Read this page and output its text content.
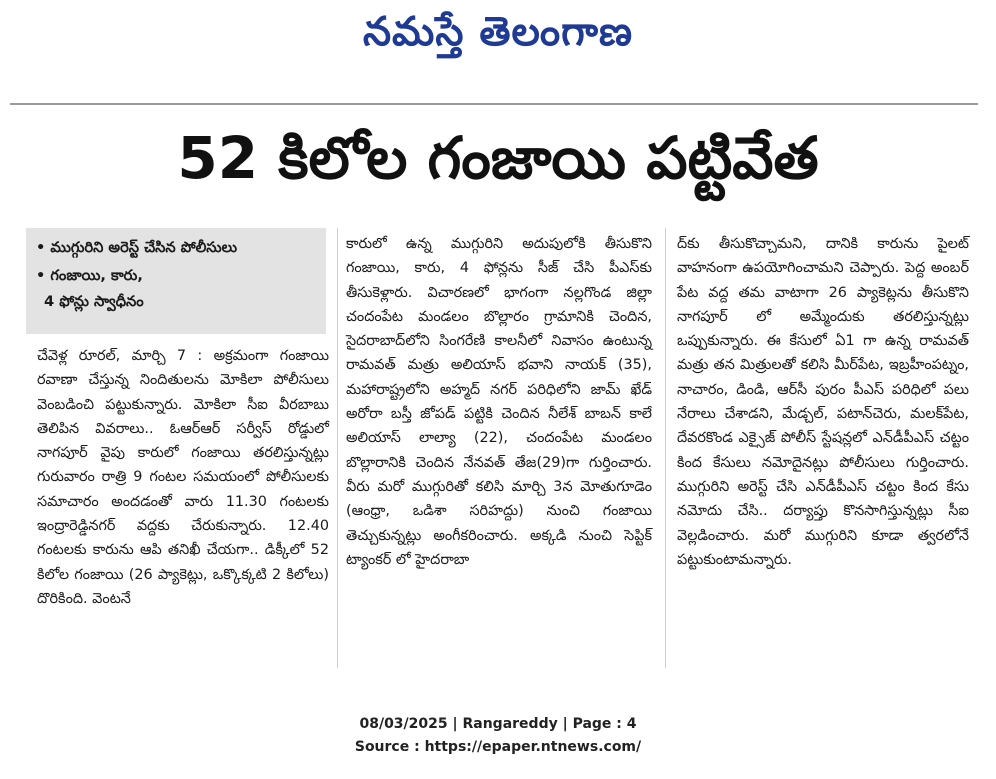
నమస్తే తెలంగాణ
52 కిలోల గంజాయి పట్టివేత
• ముగ్గురిని అరెస్ట్ చేసిన పోలీసులు
• గంజాయి, కారు,
4 ఫోన్లు స్వాధీనం
చేవెళ్ల రూరల్, మార్చి 7 : అక్రమంగా గంజాయి రవాణా చేస్తున్న నిందితులను మోకిలా పోలీసులు వెంబడించి పట్టుకున్నారు. మోకిలా సీఐ వీరబాబు తెలిపిన వివరాలు.. ఓఆర్ఆర్ సర్వీస్ రోడ్డులో నాగపూర్ వైపు కారులో గంజాయి తరలిస్తున్నట్లు గురువారం రాత్రి 9 గంటల సమయంలో పోలీసులకు సమాచారం అందడంతో వారు 11.30 గంటలకు ఇంద్రారెడ్డినగర్ వద్దకు చేరుకున్నారు. 12.40 గంటలకు కారును ఆపి తనిఖీ చేయగా.. డిక్కీలో 52 కిలోల గంజాయి (26 ప్యాకెట్లు, ఒక్కొక్కటి 2 కిలోలు) దొరికింది. వెంటనే
కారులో ఉన్న ముగ్గురిని అదుపులోకి తీసుకొని గంజాయి, కారు, 4 ఫోన్లను సీజ్ చేసి పీఎస్‌కు తీసుకెళ్లారు. విచారణలో భాగంగా నల్లగొండ జిల్లా చందంపేట మండలం బొల్లారం గ్రామానికి చెందిన, సైదరాబాద్‌లోని సింగరేణి కాలనీలో నివాసం ఉంటున్న రామవత్ మత్రు అలియాస్ భవాని నాయక్ (35), మహారాష్ట్రలోని అహ్మద్ నగర్ పరిధిలోని జామ్ ఖేడ్ అరోరా బస్తీ జోపడ్ పట్టికి చెందిన నీలేశ్ బాబన్ కాలే అలియాస్ లాల్యా (22), చందంపేట మండలం బొల్లారానికి చెందిన నేనవత్ తేజ(29)గా గుర్తించారు. వీరు మరో ముగ్గురితో కలిసి మార్చి 3న మోతుగూడెం (ఆంధ్రా, ఒడిశా సరిహద్దు) నుంచి గంజాయి తెచ్చుకున్నట్లు అంగీకరించారు. అక్కడి నుంచి సెప్టిక్ ట్యాంకర్ లో హైదరాబా
ద్‌కు తీసుకొచ్చామని, దానికి కారును పైలట్ వాహనంగా ఉపయోగించామని చెప్పారు. పెద్ద అంబర్ పేట వద్ద తమ వాటాగా 26 ప్యాకెట్లను తీసుకొని నాగపూర్ లో అమ్మేందుకు తరలిస్తున్నట్లు ఒప్పుకున్నారు. ఈ కేసులో ఏ1 గా ఉన్న రామవత్ మత్రు తన మిత్రులతో కలిసి మీర్‌పేట, ఇబ్రహీంపట్నం, నాచారం, డిండి, ఆర్‌సీ పురం పీఎస్ పరిధిలో పలు నేరాలు చేశాడని, మేడ్చల్, పటాన్‌చెరు, మలక్‌పేట, దేవరకొండ ఎక్సైజ్ పోలీస్ స్టేషన్లలో ఎన్‌డీపీఎస్ చట్టం కింద కేసులు నమోదైనట్లు పోలీసులు గుర్తించారు. ముగ్గురిని అరెస్ట్ చేసి ఎన్‌డీపీఎస్ చట్టం కింద కేసు నమోదు చేసి.. దర్యాప్తు కొనసాగిస్తున్నట్లు సీఐ వెల్లడించారు. మరో ముగ్గురిని కూడా త్వరలోనే పట్టుకుంటామన్నారు.
08/03/2025 | Rangareddy | Page : 4
Source : https://epaper.ntnews.com/
